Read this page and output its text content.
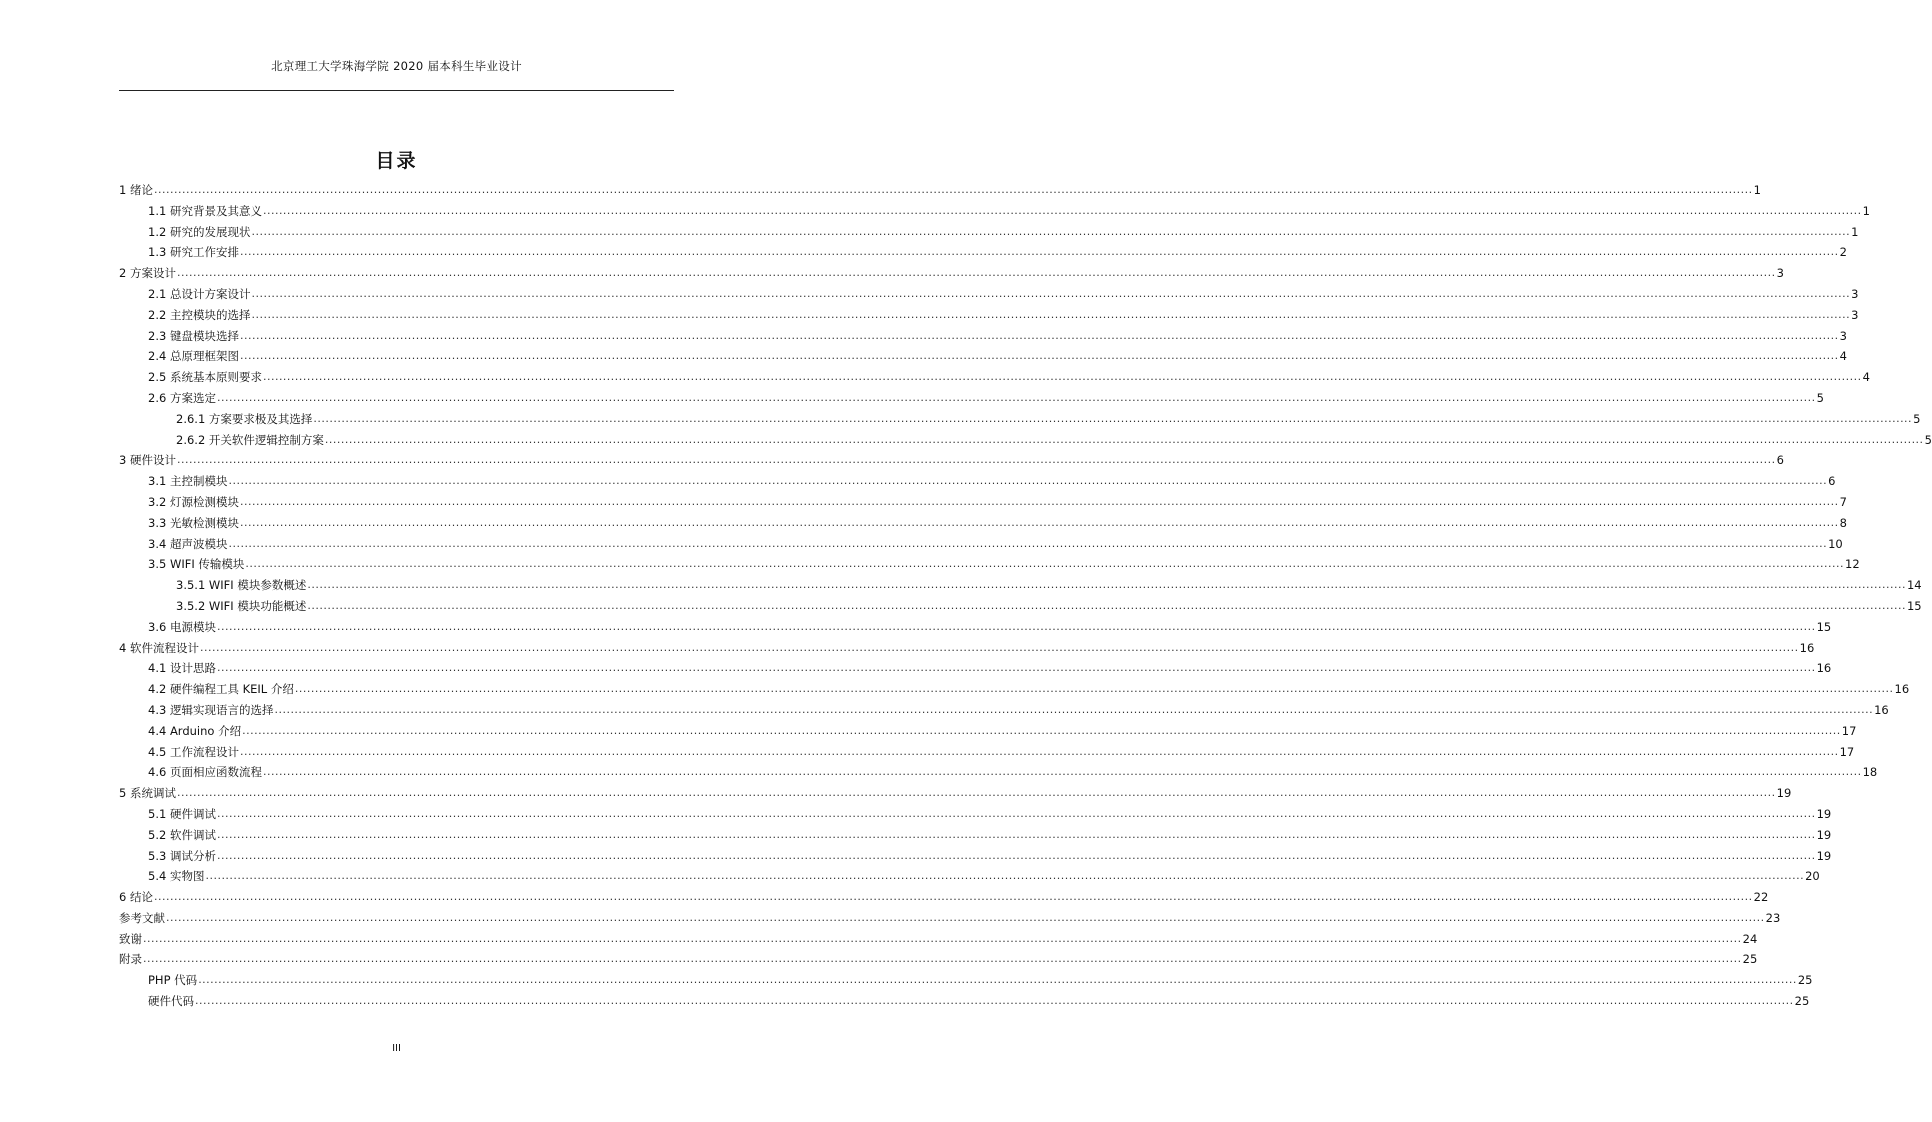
北京理工大学珠海学院 2020 届本科生毕业设计
目录
1 绪论 ................................................................................................................................................................................................................................................................................................................................................................................................................ 1
1.1 研究背景及其意义 ................................................................................................................................................................................................................................................................................................................................................................................................................ 1
1.2 研究的发展现状 ................................................................................................................................................................................................................................................................................................................................................................................................................ 1
1.3 研究工作安排 ................................................................................................................................................................................................................................................................................................................................................................................................................ 2
2 方案设计 ................................................................................................................................................................................................................................................................................................................................................................................................................ 3
2.1 总设计方案设计 ................................................................................................................................................................................................................................................................................................................................................................................................................ 3
2.2 主控模块的选择 ................................................................................................................................................................................................................................................................................................................................................................................................................ 3
2.3 键盘模块选择 ................................................................................................................................................................................................................................................................................................................................................................................................................ 3
2.4 总原理框架图 ................................................................................................................................................................................................................................................................................................................................................................................................................ 4
2.5 系统基本原则要求 ................................................................................................................................................................................................................................................................................................................................................................................................................ 4
2.6 方案选定 ................................................................................................................................................................................................................................................................................................................................................................................................................ 5
2.6.1 方案要求极及其选择 ................................................................................................................................................................................................................................................................................................................................................................................................................ 5
2.6.2 开关软件逻辑控制方案 ................................................................................................................................................................................................................................................................................................................................................................................................................ 5
3 硬件设计 ................................................................................................................................................................................................................................................................................................................................................................................................................ 6
3.1 主控制模块 ................................................................................................................................................................................................................................................................................................................................................................................................................ 6
3.2 灯源检测模块 ................................................................................................................................................................................................................................................................................................................................................................................................................ 7
3.3 光敏检测模块 ................................................................................................................................................................................................................................................................................................................................................................................................................ 8
3.4 超声波模块 ................................................................................................................................................................................................................................................................................................................................................................................................................ 10
3.5 WIFI 传输模块 ................................................................................................................................................................................................................................................................................................................................................................................................................ 12
3.5.1 WIFI 模块参数概述 ................................................................................................................................................................................................................................................................................................................................................................................................................ 14
3.5.2 WIFI 模块功能概述 ................................................................................................................................................................................................................................................................................................................................................................................................................ 15
3.6 电源模块 ................................................................................................................................................................................................................................................................................................................................................................................................................ 15
4 软件流程设计 ................................................................................................................................................................................................................................................................................................................................................................................................................ 16
4.1 设计思路 ................................................................................................................................................................................................................................................................................................................................................................................................................ 16
4.2 硬件编程工具 KEIL 介绍 ................................................................................................................................................................................................................................................................................................................................................................................................................ 16
4.3 逻辑实现语言的选择 ................................................................................................................................................................................................................................................................................................................................................................................................................ 16
4.4 Arduino 介绍 ................................................................................................................................................................................................................................................................................................................................................................................................................ 17
4.5 工作流程设计 ................................................................................................................................................................................................................................................................................................................................................................................................................ 17
4.6 页面相应函数流程 ................................................................................................................................................................................................................................................................................................................................................................................................................ 18
5 系统调试 ................................................................................................................................................................................................................................................................................................................................................................................................................ 19
5.1 硬件调试 ................................................................................................................................................................................................................................................................................................................................................................................................................ 19
5.2 软件调试 ................................................................................................................................................................................................................................................................................................................................................................................................................ 19
5.3 调试分析 ................................................................................................................................................................................................................................................................................................................................................................................................................ 19
5.4 实物图 ................................................................................................................................................................................................................................................................................................................................................................................................................ 20
6 结论 ................................................................................................................................................................................................................................................................................................................................................................................................................ 22
参考文献 ................................................................................................................................................................................................................................................................................................................................................................................................................ 23
致谢 ................................................................................................................................................................................................................................................................................................................................................................................................................ 24
附录 ................................................................................................................................................................................................................................................................................................................................................................................................................ 25
PHP 代码 ................................................................................................................................................................................................................................................................................................................................................................................................................ 25
硬件代码 ................................................................................................................................................................................................................................................................................................................................................................................................................ 25
III
